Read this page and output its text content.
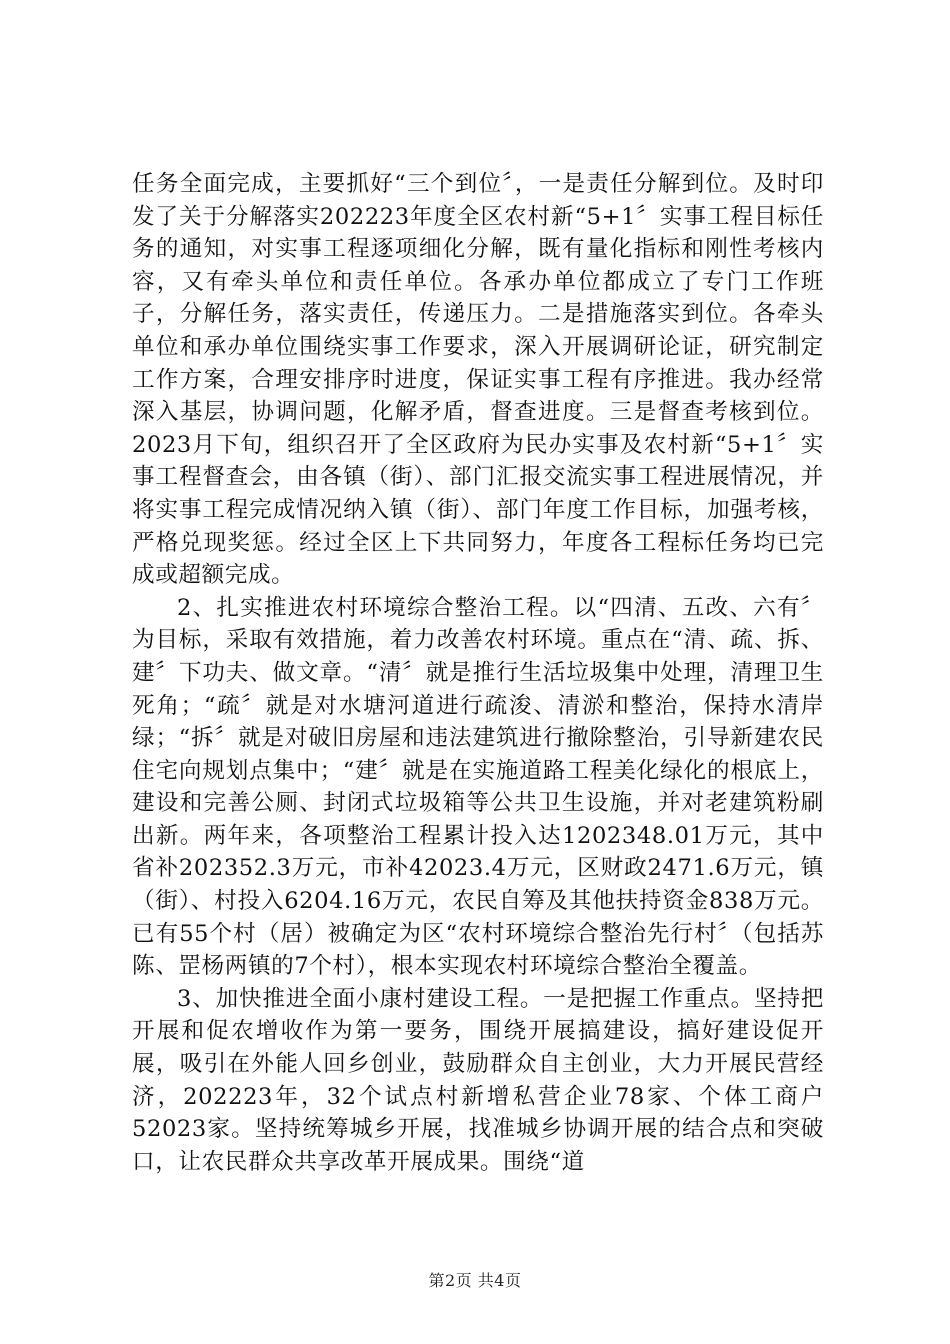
任务全面完成，主要抓好“三个到位〞，一是责任分解到位。及时印发了关于分解落实202223年度全区农村新“5+1〞实事工程目标任务的通知，对实事工程逐项细化分解，既有量化指标和刚性考核内容，又有牵头单位和责任单位。各承办单位都成立了专门工作班子，分解任务，落实责任，传递压力。二是措施落实到位。各牵头单位和承办单位围绕实事工作要求，深入开展调研论证，研究制定工作方案，合理安排序时进度，保证实事工程有序推进。我办经常深入基层，协调问题，化解矛盾，督查进度。三是督查考核到位。2023月下旬，组织召开了全区政府为民办实事及农村新“5+1〞实事工程督查会，由各镇（街）、部门汇报交流实事工程进展情况，并将实事工程完成情况纳入镇（街）、部门年度工作目标，加强考核，严格兑现奖惩。经过全区上下共同努力，年度各工程标任务均已完成或超额完成。

2、扎实推进农村环境综合整治工程。以“四清、五改、六有〞为目标，采取有效措施，着力改善农村环境。重点在“清、疏、拆、建〞下功夫、做文章。“清〞就是推行生活垃圾集中处理，清理卫生死角；“疏〞就是对水塘河道进行疏浚、清淤和整治，保持水清岸绿；“拆〞就是对破旧房屋和违法建筑进行撤除整治，引导新建农民住宅向规划点集中；“建〞就是在实施道路工程美化绿化的根底上，建设和完善公厕、封闭式垃圾箱等公共卫生设施，并对老建筑粉刷出新。两年来，各项整治工程累计投入达1202348.01万元，其中省补202352.3万元，市补42023.4万元，区财政2471.6万元，镇（街）、村投入6204.16万元，农民自筹及其他扶持资金838万元。已有55个村（居）被确定为区“农村环境综合整治先行村〞（包括苏陈、罡杨两镇的7个村），根本实现农村环境综合整治全覆盖。

3、加快推进全面小康村建设工程。一是把握工作重点。坚持把开展和促农增收作为第一要务，围绕开展搞建设，搞好建设促开展，吸引在外能人回乡创业，鼓励群众自主创业，大力开展民营经济，202223年，32个试点村新增私营企业78家、个体工商户52023家。坚持统筹城乡开展，找准城乡协调开展的结合点和突破口，让农民群众共享改革开展成果。围绕“道

第2页 共4页
